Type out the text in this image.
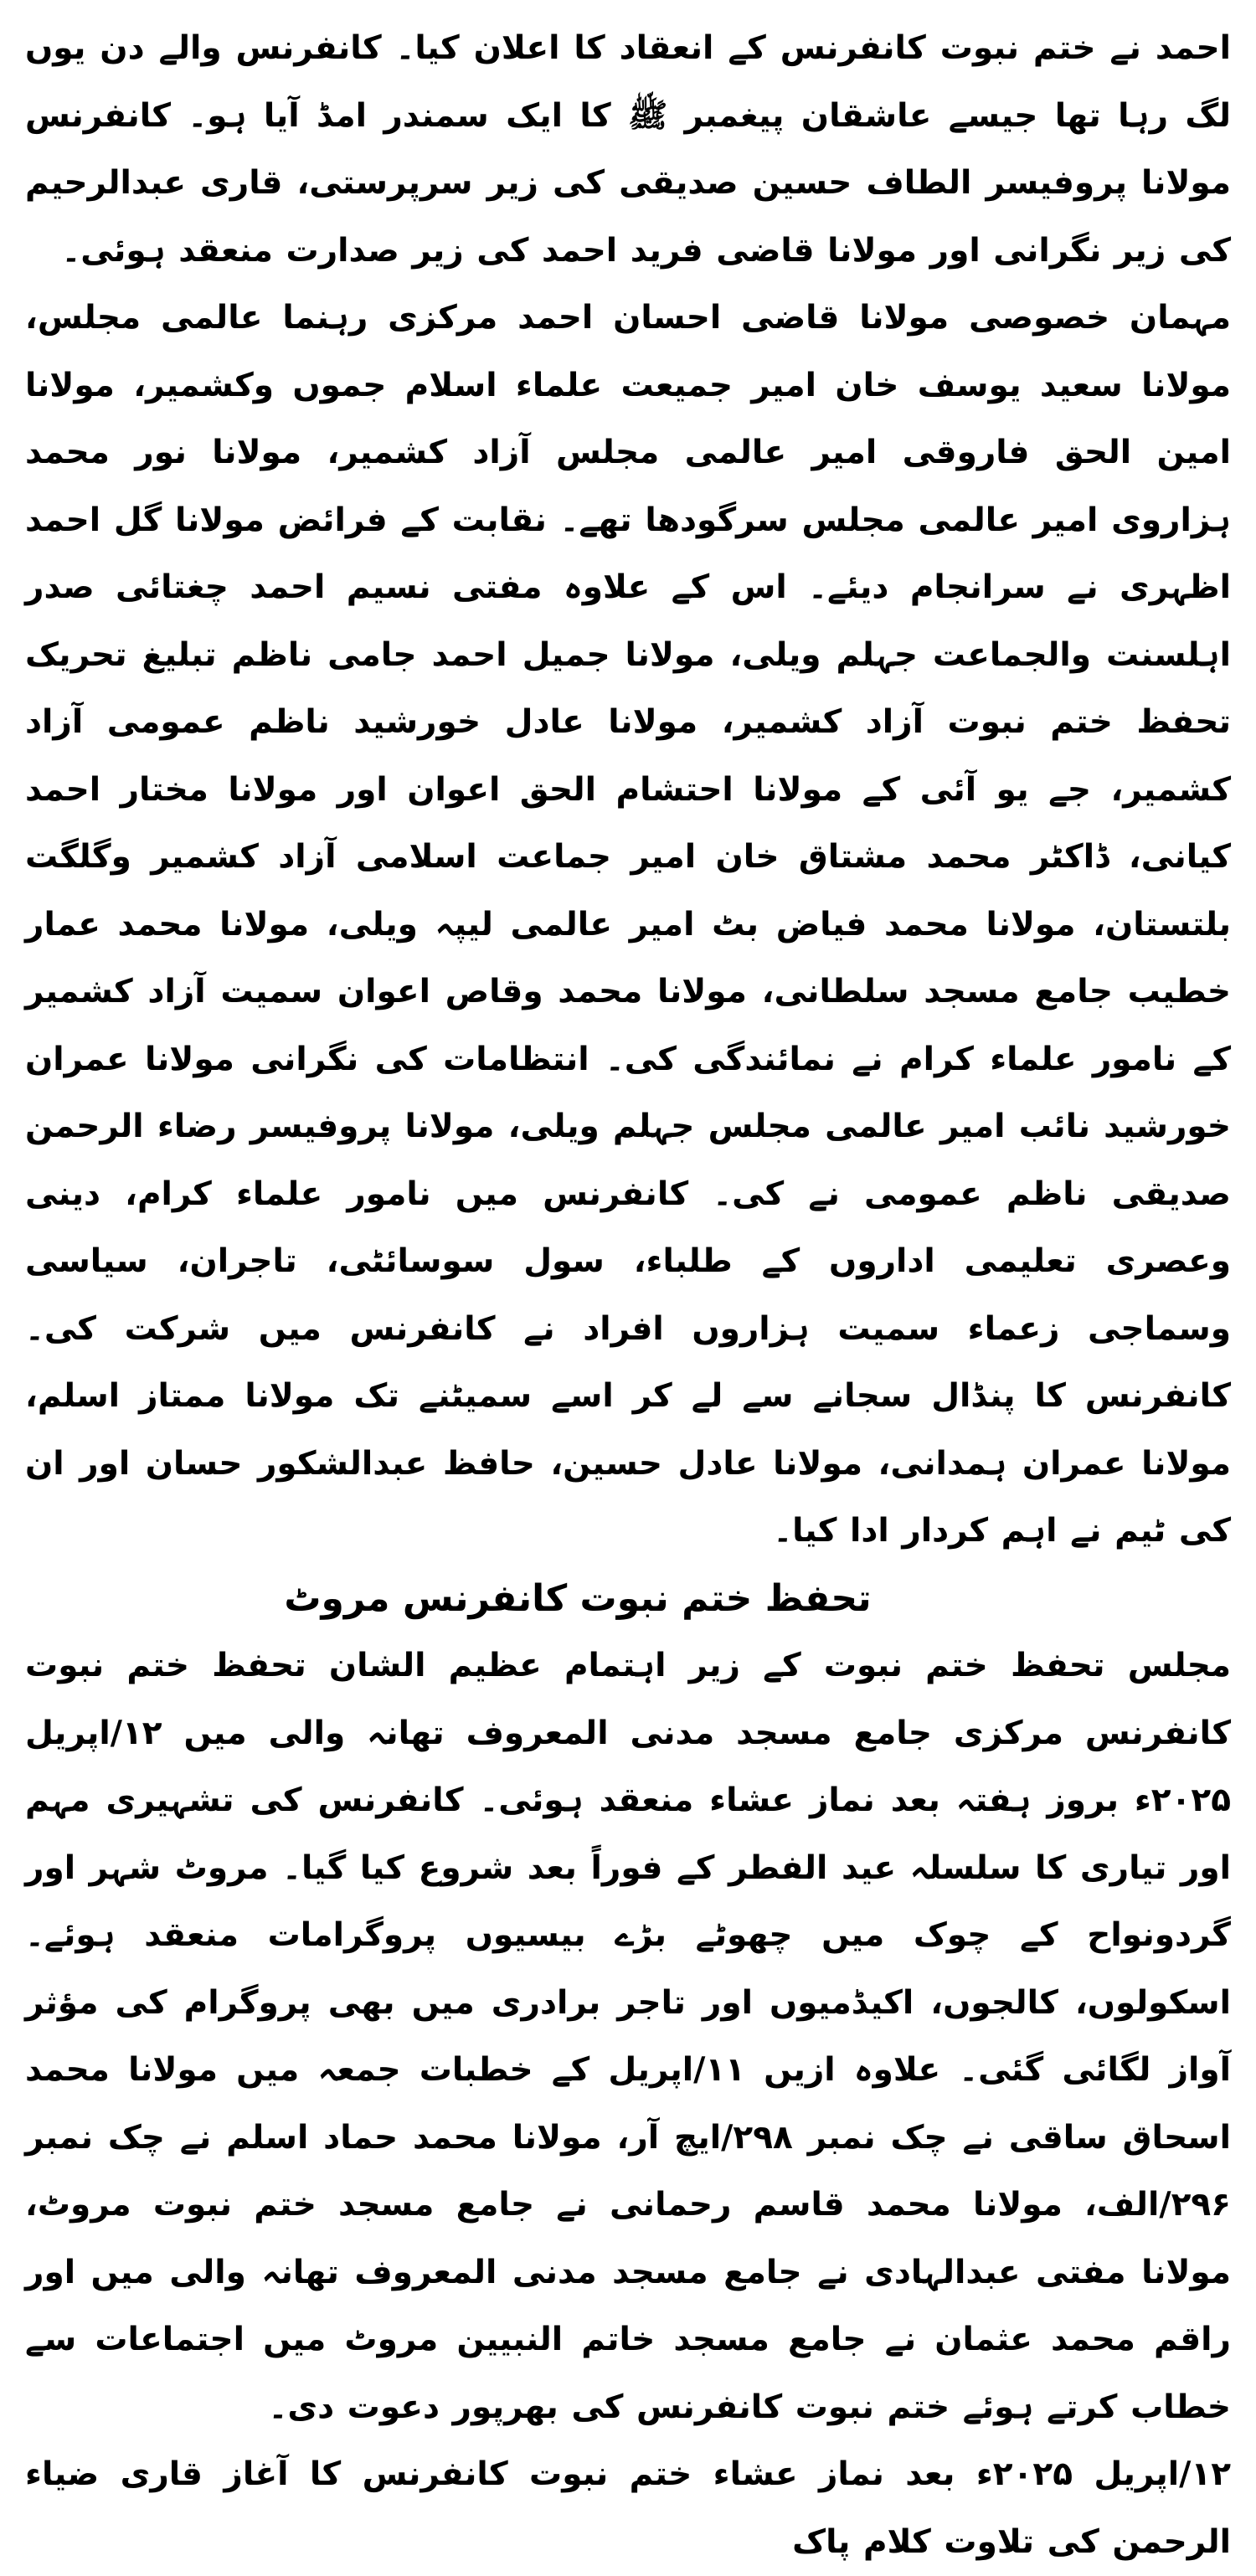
احمد نے ختم نبوت کانفرنس کے انعقاد کا اعلان کیا۔ کانفرنس والے دن یوں لگ رہا تھا جیسے عاشقان پیغمبر ﷺ کا ایک سمندر امڈ آیا ہو۔ کانفرنس مولانا پروفیسر الطاف حسین صدیقی کی زیر سرپرستی، قاری عبدالرحیم کی زیر نگرانی اور مولانا قاضی فرید احمد کی زیر صدارت منعقد ہوئی۔

مہمان خصوصی مولانا قاضی احسان احمد مرکزی رہنما عالمی مجلس، مولانا سعید یوسف خان امیر جمیعت علماء اسلام جموں وکشمیر، مولانا امین الحق فاروقی امیر عالمی مجلس آزاد کشمیر، مولانا نور محمد ہزاروی امیر عالمی مجلس سرگودھا تھے۔ نقابت کے فرائض مولانا گل احمد اظہری نے سرانجام دیئے۔ اس کے علاوہ مفتی نسیم احمد چغتائی صدر اہلسنت والجماعت جہلم ویلی، مولانا جمیل احمد جامی ناظم تبلیغ تحریک تحفظ ختم نبوت آزاد کشمیر، مولانا عادل خورشید ناظم عمومی آزاد کشمیر، جے یو آئی کے مولانا احتشام الحق اعوان اور مولانا مختار احمد کیانی، ڈاکٹر محمد مشتاق خان امیر جماعت اسلامی آزاد کشمیر وگلگت بلتستان، مولانا محمد فیاض بٹ امیر عالمی لیپہ ویلی، مولانا محمد عمار خطیب جامع مسجد سلطانی، مولانا محمد وقاص اعوان سمیت آزاد کشمیر کے نامور علماء کرام نے نمائندگی کی۔ انتظامات کی نگرانی مولانا عمران خورشید نائب امیر عالمی مجلس جہلم ویلی، مولانا پروفیسر رضاء الرحمن صدیقی ناظم عمومی نے کی۔ کانفرنس میں نامور علماء کرام، دینی وعصری تعلیمی اداروں کے طلباء، سول سوسائٹی، تاجران، سیاسی وسماجی زعماء سمیت ہزاروں افراد نے کانفرنس میں شرکت کی۔ کانفرنس کا پنڈال سجانے سے لے کر اسے سمیٹنے تک مولانا ممتاز اسلم، مولانا عمران ہمدانی، مولانا عادل حسین، حافظ عبدالشکور حسان اور ان کی ٹیم نے اہم کردار ادا کیا۔

تحفظ ختم نبوت کانفرنس مروٹ

مجلس تحفظ ختم نبوت کے زیر اہتمام عظیم الشان تحفظ ختم نبوت کانفرنس مرکزی جامع مسجد مدنی المعروف تھانہ والی میں ۱۲/اپریل ۲۰۲۵ء بروز ہفتہ بعد نماز عشاء منعقد ہوئی۔ کانفرنس کی تشہیری مہم اور تیاری کا سلسلہ عید الفطر کے فوراً بعد شروع کیا گیا۔ مروٹ شہر اور گردونواح کے چوک میں چھوٹے بڑے بیسیوں پروگرامات منعقد ہوئے۔ اسکولوں، کالجوں، اکیڈمیوں اور تاجر برادری میں بھی پروگرام کی مؤثر آواز لگائی گئی۔ علاوہ ازیں ۱۱/اپریل کے خطبات جمعہ میں مولانا محمد اسحاق ساقی نے چک نمبر ۲۹۸/ایچ آر، مولانا محمد حماد اسلم نے چک نمبر ۲۹۶/الف، مولانا محمد قاسم رحمانی نے جامع مسجد ختم نبوت مروٹ، مولانا مفتی عبدالہادی نے جامع مسجد مدنی المعروف تھانہ والی میں اور راقم محمد عثمان نے جامع مسجد خاتم النبیین مروٹ میں اجتماعات سے خطاب کرتے ہوئے ختم نبوت کانفرنس کی بھرپور دعوت دی۔

۱۲/اپریل ۲۰۲۵ء بعد نماز عشاء ختم نبوت کانفرنس کا آغاز قاری ضیاء الرحمن کی تلاوت کلام پاک
